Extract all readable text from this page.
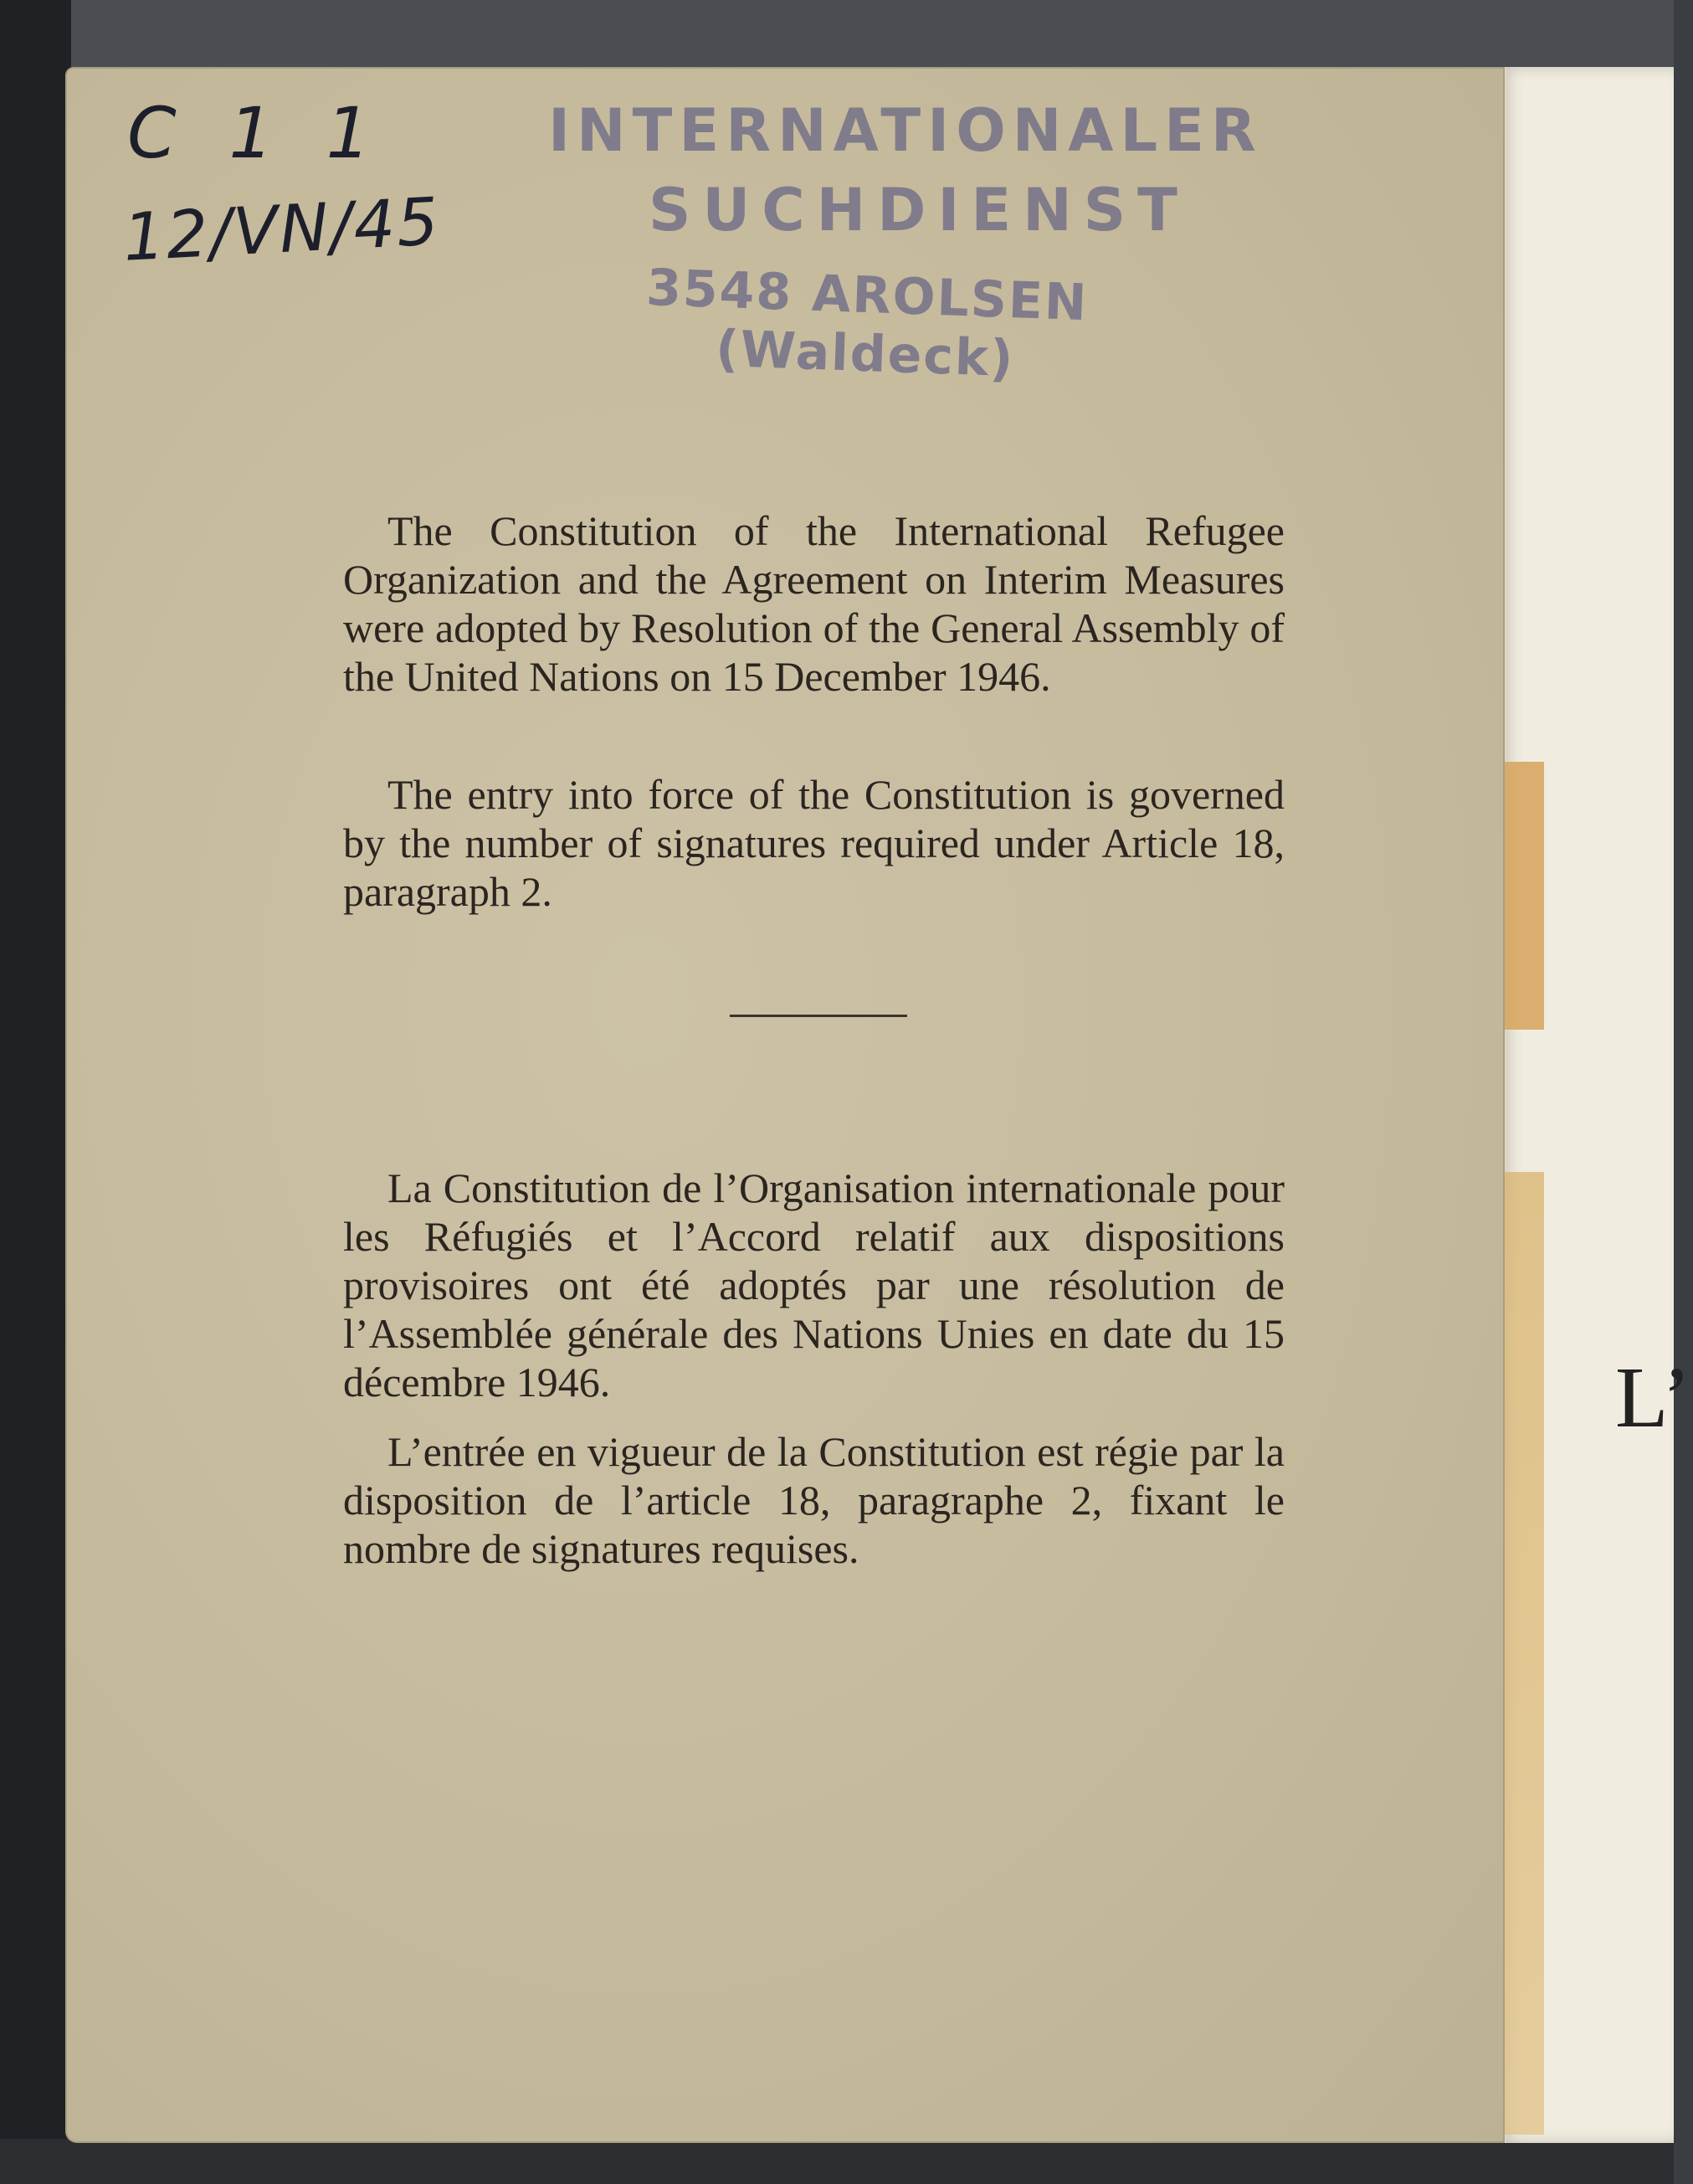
L’
C 1 1
12/VN/45
INTERNATIONALER
SUCHDIENST
3548 AROLSEN (Waldeck)

The Constitution of the International Refugee Organization and the Agreement on Interim Measures were adopted by Resolution of the General Assembly of the United Nations on 15 December 1946.

The entry into force of the Constitution is governed by the number of signatures required under Article 18, paragraph 2.

La Constitution de l’Organisation internationale pour les Réfugiés et l’Accord relatif aux dispositions provisoires ont été adoptés par une résolution de l’Assemblée générale des Nations Unies en date du 15 décembre 1946.

L’entrée en vigueur de la Constitution est régie par la disposition de l’article 18, paragraphe 2, fixant le nombre de signatures requises.
